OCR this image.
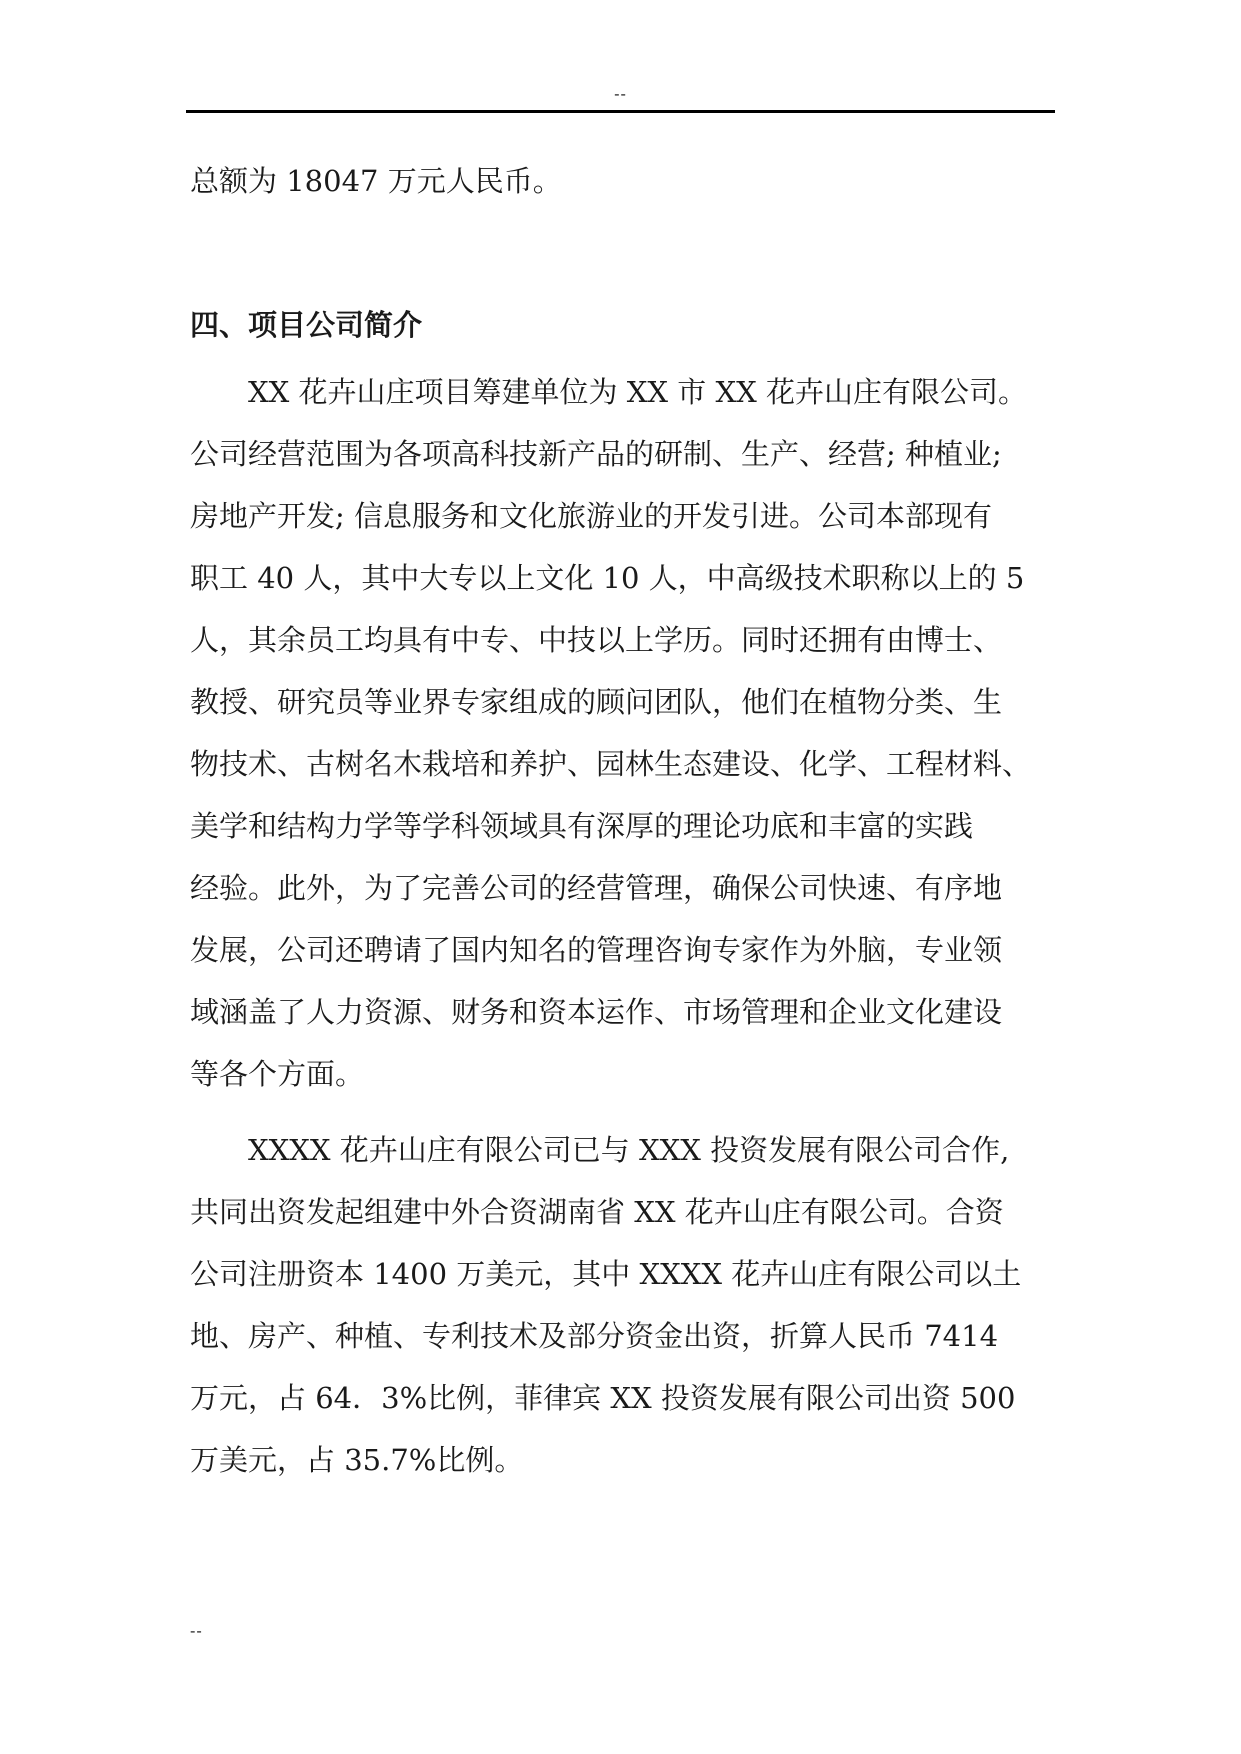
--

总额为 18047 万元人民币。

四、项目公司简介

XX 花卉山庄项目筹建单位为 XX 市 XX 花卉山庄有限公司。

公司经营范围为各项高科技新产品的研制、生产、经营; 种植业;

房地产开发; 信息服务和文化旅游业的开发引进。公司本部现有

职工 40 人，其中大专以上文化 10 人，中高级技术职称以上的 5

人，其余员工均具有中专、中技以上学历。同时还拥有由博士、

教授、研究员等业界专家组成的顾问团队，他们在植物分类、生

物技术、古树名木栽培和养护、园林生态建设、化学、工程材料、

美学和结构力学等学科领域具有深厚的理论功底和丰富的实践

经验。此外，为了完善公司的经营管理，确保公司快速、有序地

发展，公司还聘请了国内知名的管理咨询专家作为外脑，专业领

域涵盖了人力资源、财务和资本运作、市场管理和企业文化建设

等各个方面。

XXXX 花卉山庄有限公司已与 XXX 投资发展有限公司合作,

共同出资发起组建中外合资湖南省 XX 花卉山庄有限公司。合资

公司注册资本 1400 万美元，其中 XXXX 花卉山庄有限公司以土

地、房产、种植、专利技术及部分资金出资，折算人民币 7414

万元，占 64．3%比例，菲律宾 XX 投资发展有限公司出资 500

万美元，占 35.7%比例。

--
